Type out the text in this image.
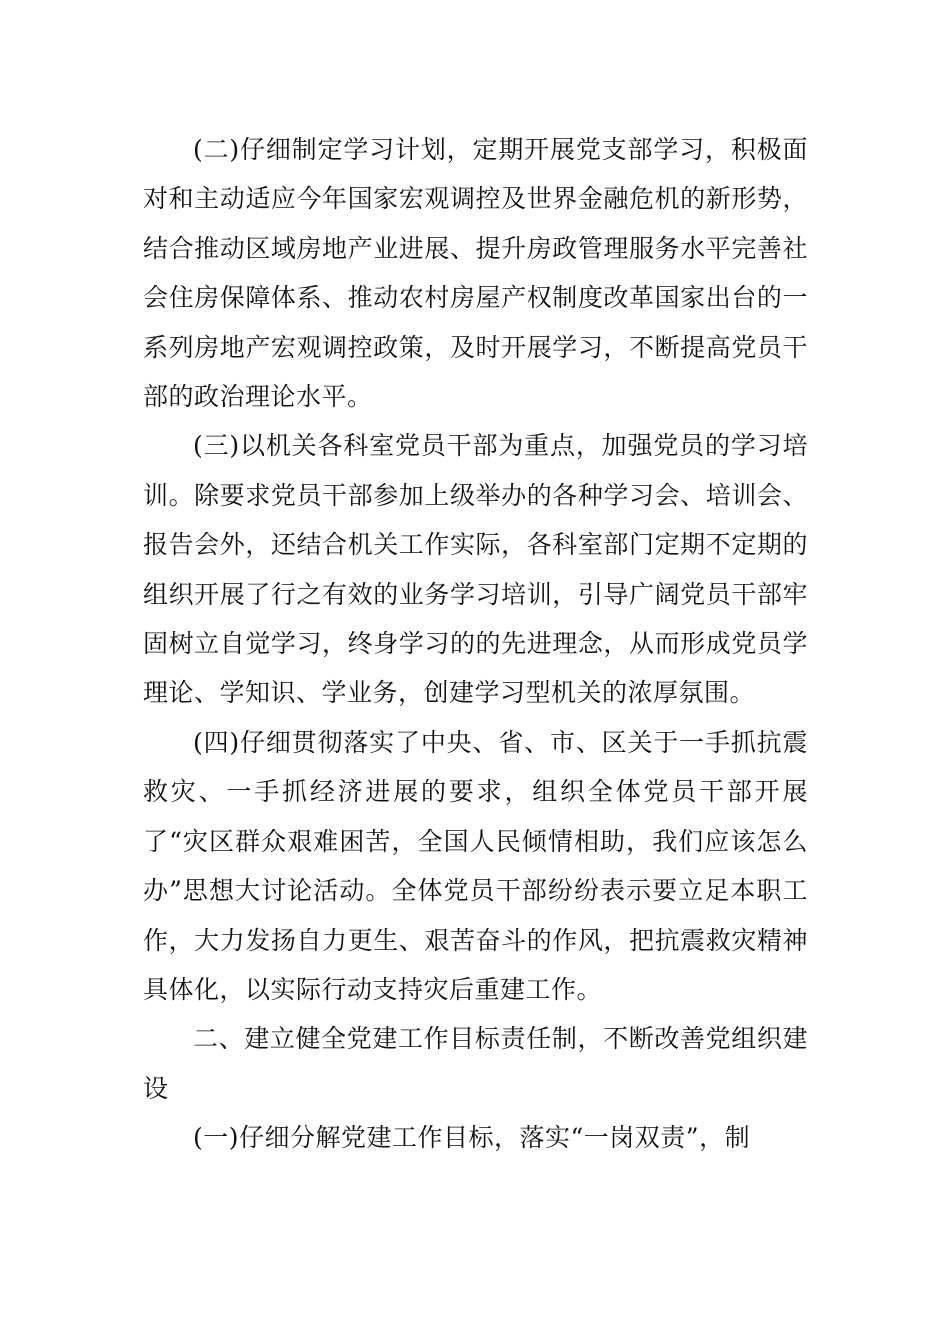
(二)仔细制定学习计划，定期开展党支部学习，积极面对和主动适应今年国家宏观调控及世界金融危机的新形势，结合推动区域房地产业进展、提升房政管理服务水平完善社会住房保障体系、推动农村房屋产权制度改革国家出台的一系列房地产宏观调控政策，及时开展学习，不断提高党员干部的政治理论水平。

(三)以机关各科室党员干部为重点，加强党员的学习培训。除要求党员干部参加上级举办的各种学习会、培训会、报告会外，还结合机关工作实际，各科室部门定期不定期的组织开展了行之有效的业务学习培训，引导广阔党员干部牢固树立自觉学习，终身学习的的先进理念，从而形成党员学理论、学知识、学业务，创建学习型机关的浓厚氛围。

(四)仔细贯彻落实了中央、省、市、区关于一手抓抗震救灾、一手抓经济进展的要求，组织全体党员干部开展了“灾区群众艰难困苦，全国人民倾情相助，我们应该怎么办”思想大讨论活动。全体党员干部纷纷表示要立足本职工作，大力发扬自力更生、艰苦奋斗的作风，把抗震救灾精神具体化，以实际行动支持灾后重建工作。

二、建立健全党建工作目标责任制，不断改善党组织建设

(一)仔细分解党建工作目标，落实“一岗双责”，制
